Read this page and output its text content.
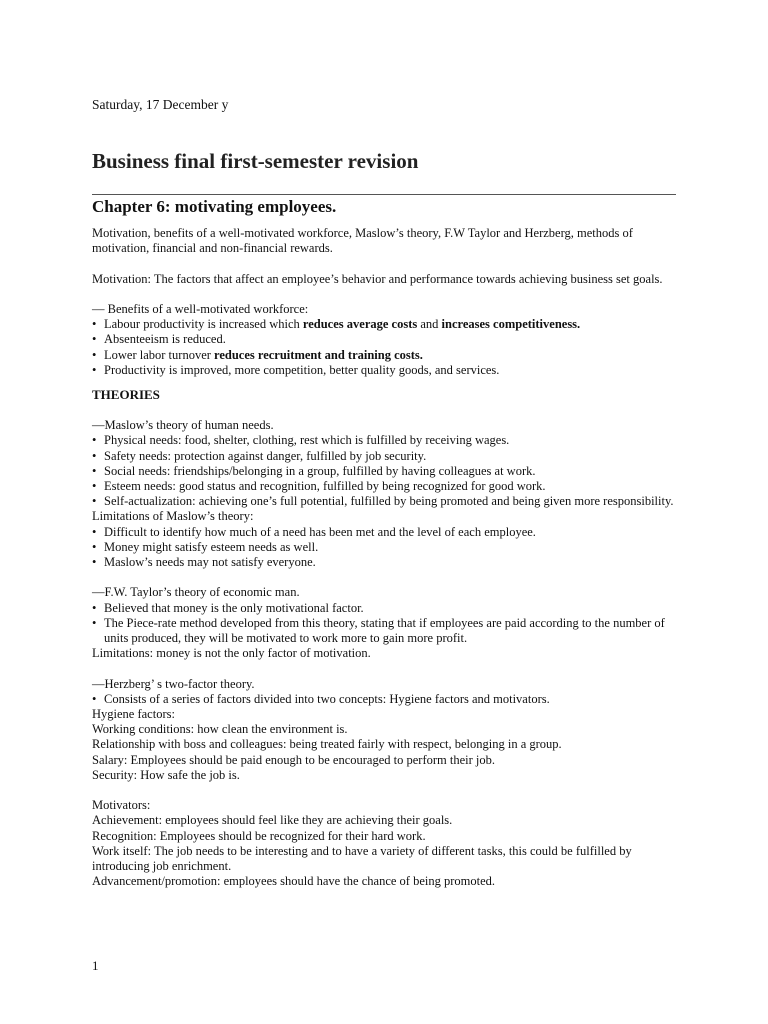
Saturday, 17 December y

Business final first-semester revision
Chapter 6: motivating employees.

Motivation, benefits of a well-motivated workforce, Maslow’s theory, F.W Taylor and Herzberg, methods of motivation, financial and non-financial rewards.

Motivation: The factors that affect an employee’s behavior and performance towards achieving business set goals.

— Benefits of a well-motivated workforce:

• Labour productivity is increased which reduces average costs and increases competitiveness.
• Absenteeism is reduced.
• Lower labor turnover reduces recruitment and training costs.
• Productivity is improved, more competition, better quality goods, and services.

THEORIES

—Maslow’s theory of human needs.

• Physical needs: food, shelter, clothing, rest which is fulfilled by receiving wages.
• Safety needs: protection against danger, fulfilled by job security.
• Social needs: friendships/belonging in a group, fulfilled by having colleagues at work.
• Esteem needs: good status and recognition, fulfilled by being recognized for good work.
• Self-actualization: achieving one’s full potential, fulfilled by being promoted and being given more responsibility.

Limitations of Maslow’s theory:

• Difficult to identify how much of a need has been met and the level of each employee.
• Money might satisfy esteem needs as well.
• Maslow’s needs may not satisfy everyone.

—F.W. Taylor’s theory of economic man.

• Believed that money is the only motivational factor.
• The Piece-rate method developed from this theory, stating that if employees are paid according to the number of units produced, they will be motivated to work more to gain more profit.

Limitations: money is not the only factor of motivation.

—Herzberg’ s two-factor theory.

• Consists of a series of factors divided into two concepts: Hygiene factors and motivators.

Hygiene factors:

Working conditions: how clean the environment is.

Relationship with boss and colleagues: being treated fairly with respect, belonging in a group.

Salary: Employees should be paid enough to be encouraged to perform their job.

Security: How safe the job is.

Motivators:

Achievement: employees should feel like they are achieving their goals.

Recognition: Employees should be recognized for their hard work.

Work itself: The job needs to be interesting and to have a variety of different tasks, this could be fulfilled by introducing job enrichment.

Advancement/promotion: employees should have the chance of being promoted.

1
